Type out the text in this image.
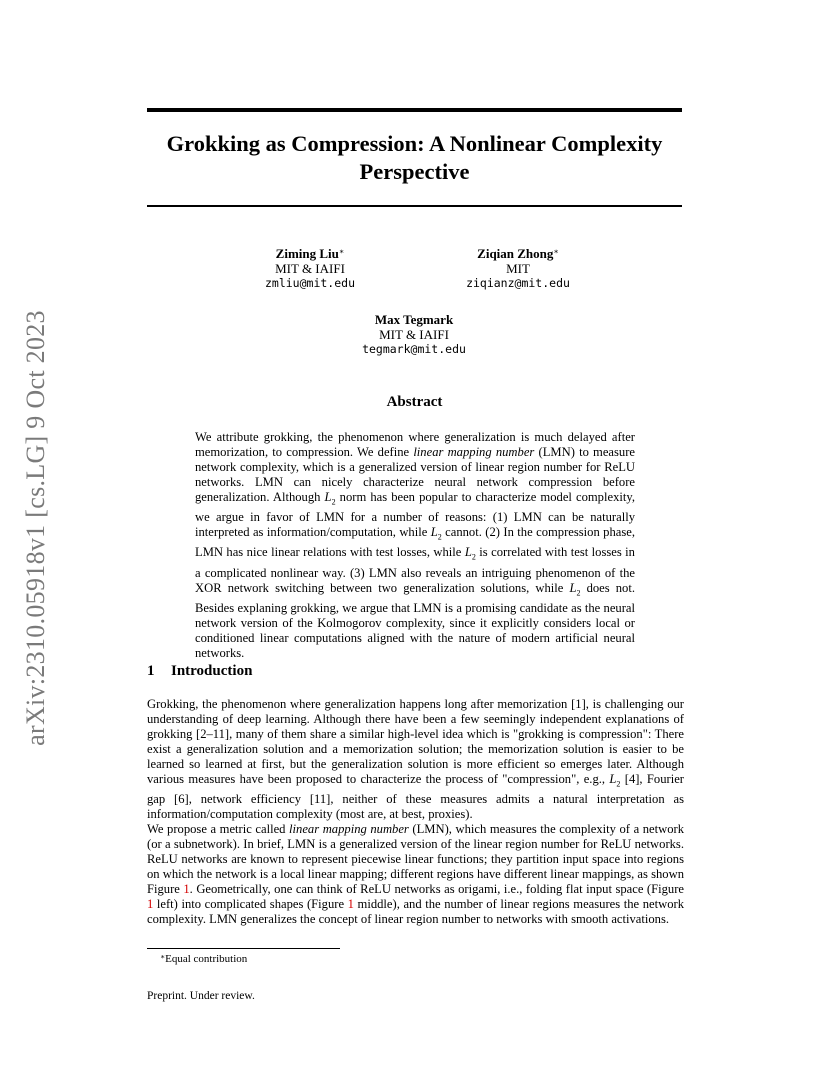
arXiv:2310.05918v1 [cs.LG] 9 Oct 2023
Grokking as Compression: A Nonlinear Complexity
Perspective
Ziming Liu∗
MIT & IAIFI
zmliu@mit.edu
Ziqian Zhong∗
MIT
ziqianz@mit.edu
Max Tegmark
MIT & IAIFI
tegmark@mit.edu
Abstract
We attribute grokking, the phenomenon where generalization is much delayed after memorization, to compression. We define linear mapping number (LMN) to measure network complexity, which is a generalized version of linear region number for ReLU networks. LMN can nicely characterize neural network compression before generalization. Although $L_2$ norm has been popular to characterize model complexity, we argue in favor of LMN for a number of reasons: (1) LMN can be naturally interpreted as information/computation, while $L_2$ cannot. (2) In the compression phase, LMN has nice linear relations with test losses, while $L_2$ is correlated with test losses in a complicated nonlinear way. (3) LMN also reveals an intriguing phenomenon of the XOR network switching between two generalization solutions, while $L_2$ does not. Besides explaning grokking, we argue that LMN is a promising candidate as the neural network version of the Kolmogorov complexity, since it explicitly considers local or conditioned linear computations aligned with the nature of modern artificial neural networks.
1 Introduction
Grokking, the phenomenon where generalization happens long after memorization [1], is challenging our understanding of deep learning. Although there have been a few seemingly independent explanations of grokking [2–11], many of them share a similar high-level idea which is "grokking is compression": There exist a generalization solution and a memorization solution; the memorization solution is easier to be learned so learned at first, but the generalization solution is more efficient so emerges later. Although various measures have been proposed to characterize the process of "compression", e.g., $L_2$ [4], Fourier gap [6], network efficiency [11], neither of these measures admits a natural interpretation as information/computation complexity (most are, at best, proxies).
We propose a metric called linear mapping number (LMN), which measures the complexity of a network (or a subnetwork). In brief, LMN is a generalized version of the linear region number for ReLU networks. ReLU networks are known to represent piecewise linear functions; they partition input space into regions on which the network is a local linear mapping; different regions have different linear mappings, as shown Figure 1. Geometrically, one can think of ReLU networks as origami, i.e., folding flat input space (Figure 1 left) into complicated shapes (Figure 1 middle), and the number of linear regions measures the network complexity. LMN generalizes the concept of linear region number to networks with smooth activations.
∗Equal contribution
Preprint. Under review.
